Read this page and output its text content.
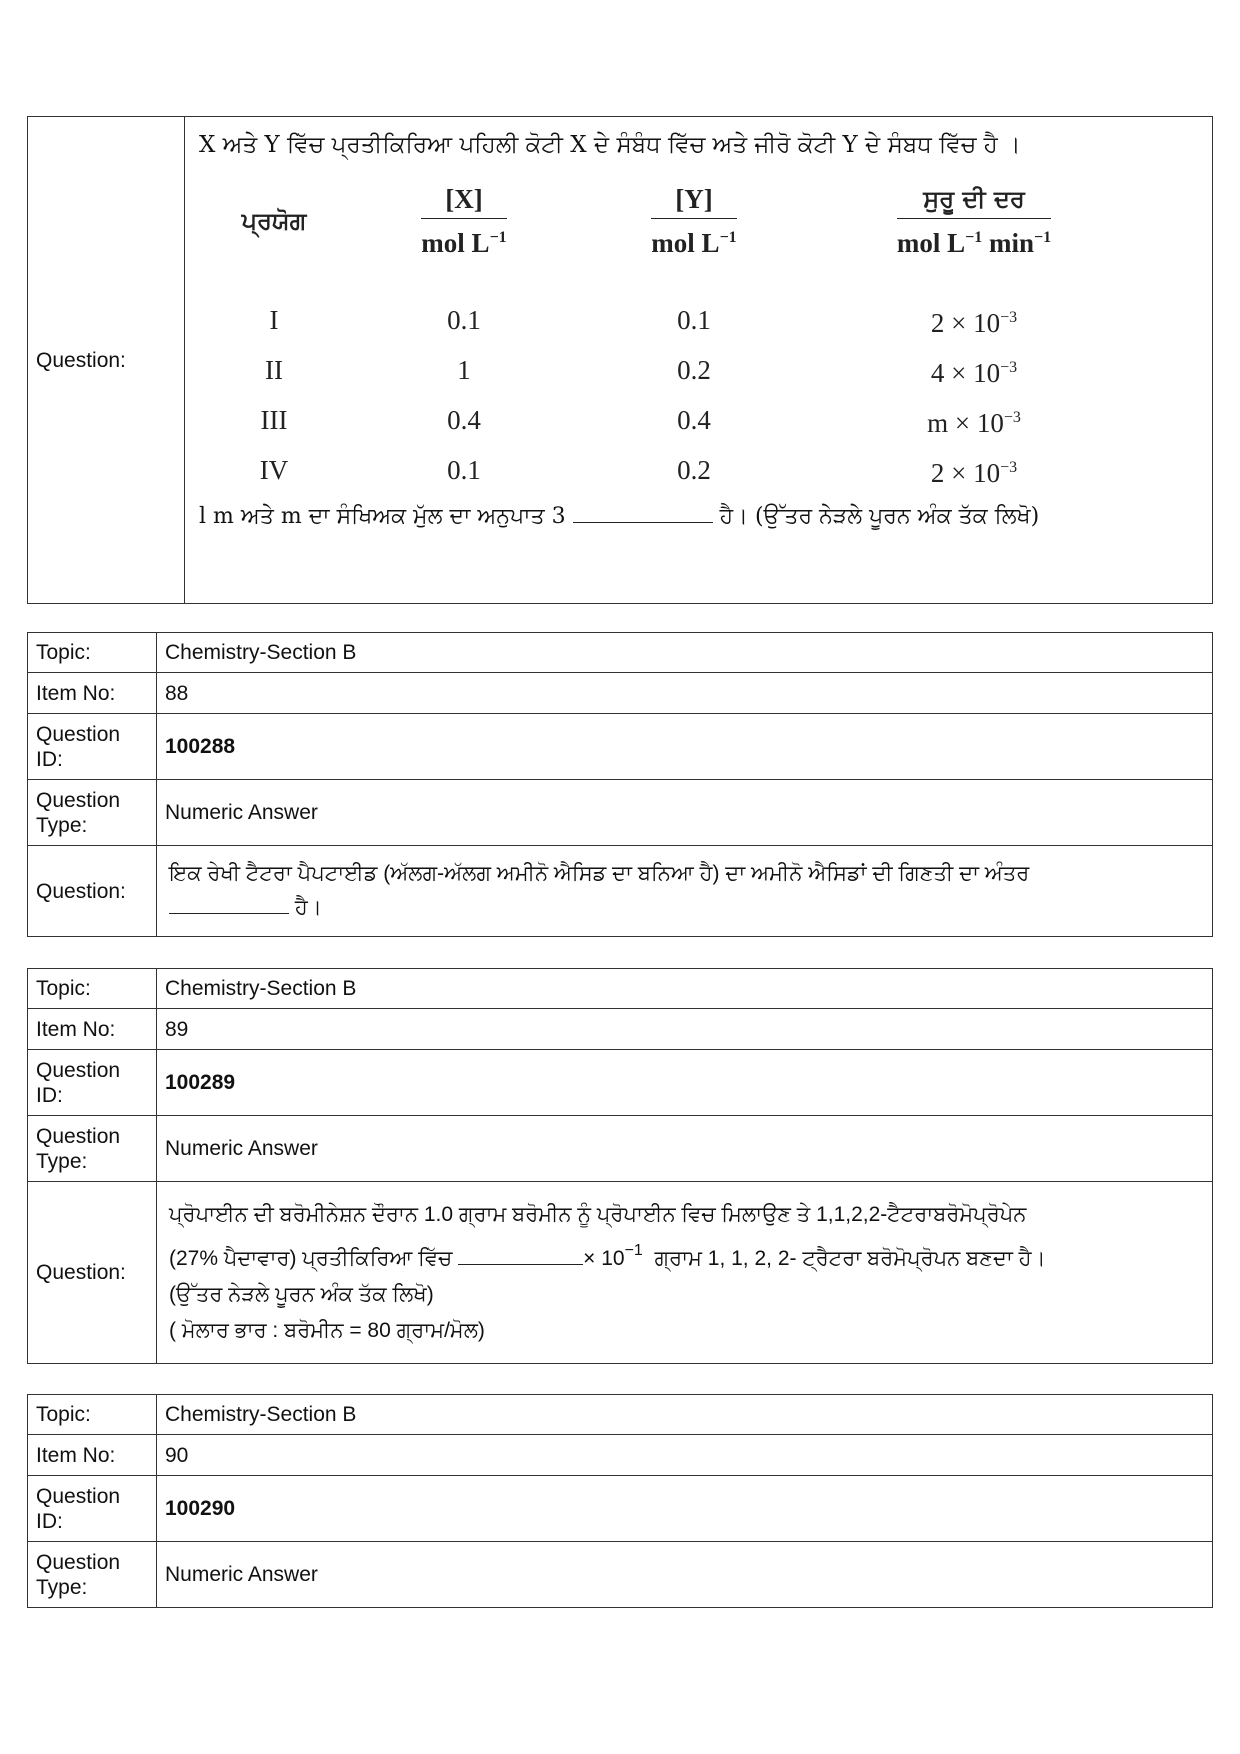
Question:	
X ਅਤੇ Y ਵਿੱਚ ਪ੍ਰਤੀਕਿਰਿਆ ਪਹਿਲੀ ਕੋਟੀ X ਦੇ ਸੰਬੰਧ ਵਿੱਚ ਅਤੇ ਜੀਰੋ ਕੋਟੀ Y ਦੇ ਸੰਬਧ ਵਿੱਚ ਹੈ ।
ਪ੍ਰਯੋਗ	$\frac{[X]}{mol L^{-1}}$	$\frac{[Y]}{mol L^{-1}}$	$\frac{\text{ਸੁਰੂ ਦੀ ਦਰ}}{mol L^{-1} \min^{-1}}$

I	0.1	0.1	$2 \times 10^{-3}$
II	1	0.2	$4 \times 10^{-3}$
III	0.4	0.4	$m \times 10^{-3}$
IV	0.1	0.2	$2 \times 10^{-3}$
l m ਅਤੇ m ਦਾ ਸੰਖਿਅਕ ਮੁੱਲ ਦਾ ਅਨੁਪਾਤ 3	ਹੈ। (ਉੱਤਰ ਨੇੜਲੇ ਪੂਰਨ ਅੰਕ ਤੱਕ ਲਿਖੋ)
Topic:	Chemistry-Section B
Item No:	88
Question ID:	100288
Question Type:	Numeric Answer
Question:	ਇਕ ਰੇਖੀ ਟੈਟਰਾ ਪੈਪਟਾਈਡ (ਅੱਲਗ-ਅੱਲਗ ਅਮੀਨੋ ਐਸਿਡ ਦਾ ਬਨਿਆ ਹੈ) ਦਾ ਅਮੀਨੋ ਐਸਿਡਾਂ ਦੀ ਗਿਣਤੀ ਦਾ ਅੰਤਰ
ਹੈ।
Topic:	Chemistry-Section B
Item No:	89
Question ID:	100289
Question Type:	Numeric Answer
Question:	ਪ੍ਰੋਪਾਈਨ ਦੀ ਬਰੋਮੀਨੇਸ਼ਨ ਦੌਰਾਨ 1.0 ਗ੍ਰਾਮ ਬਰੋਮੀਨ ਨੂੰ ਪ੍ਰੋਪਾਈਨ ਵਿਚ ਮਿਲਾਉਣ ਤੇ 1,1,2,2-ਟੈਟਰਾਬਰੋਮੋਪ੍ਰੋਪੇਨ
(27% ਪੈਦਾਵਾਰ) ਪ੍ਰਤੀਕਿਰਿਆ ਵਿੱਚ × $10^{-1}$ ਗ੍ਰਾਮ 1, 1, 2, 2- ਟ੍ਰੈਟਰਾ ਬਰੋਮੋਪ੍ਰੋਪਨ ਬਣਦਾ ਹੈ।
(ਉੱਤਰ ਨੇੜਲੇ ਪੂਰਨ ਅੰਕ ਤੱਕ ਲਿਖੋ)
( ਮੋਲਾਰ ਭਾਰ : ਬਰੋਮੀਨ = 80 ਗ੍ਰਾਮ/ਮੋਲ)
Topic:	Chemistry-Section B
Item No:	90
Question ID:	100290
Question Type:	Numeric Answer
